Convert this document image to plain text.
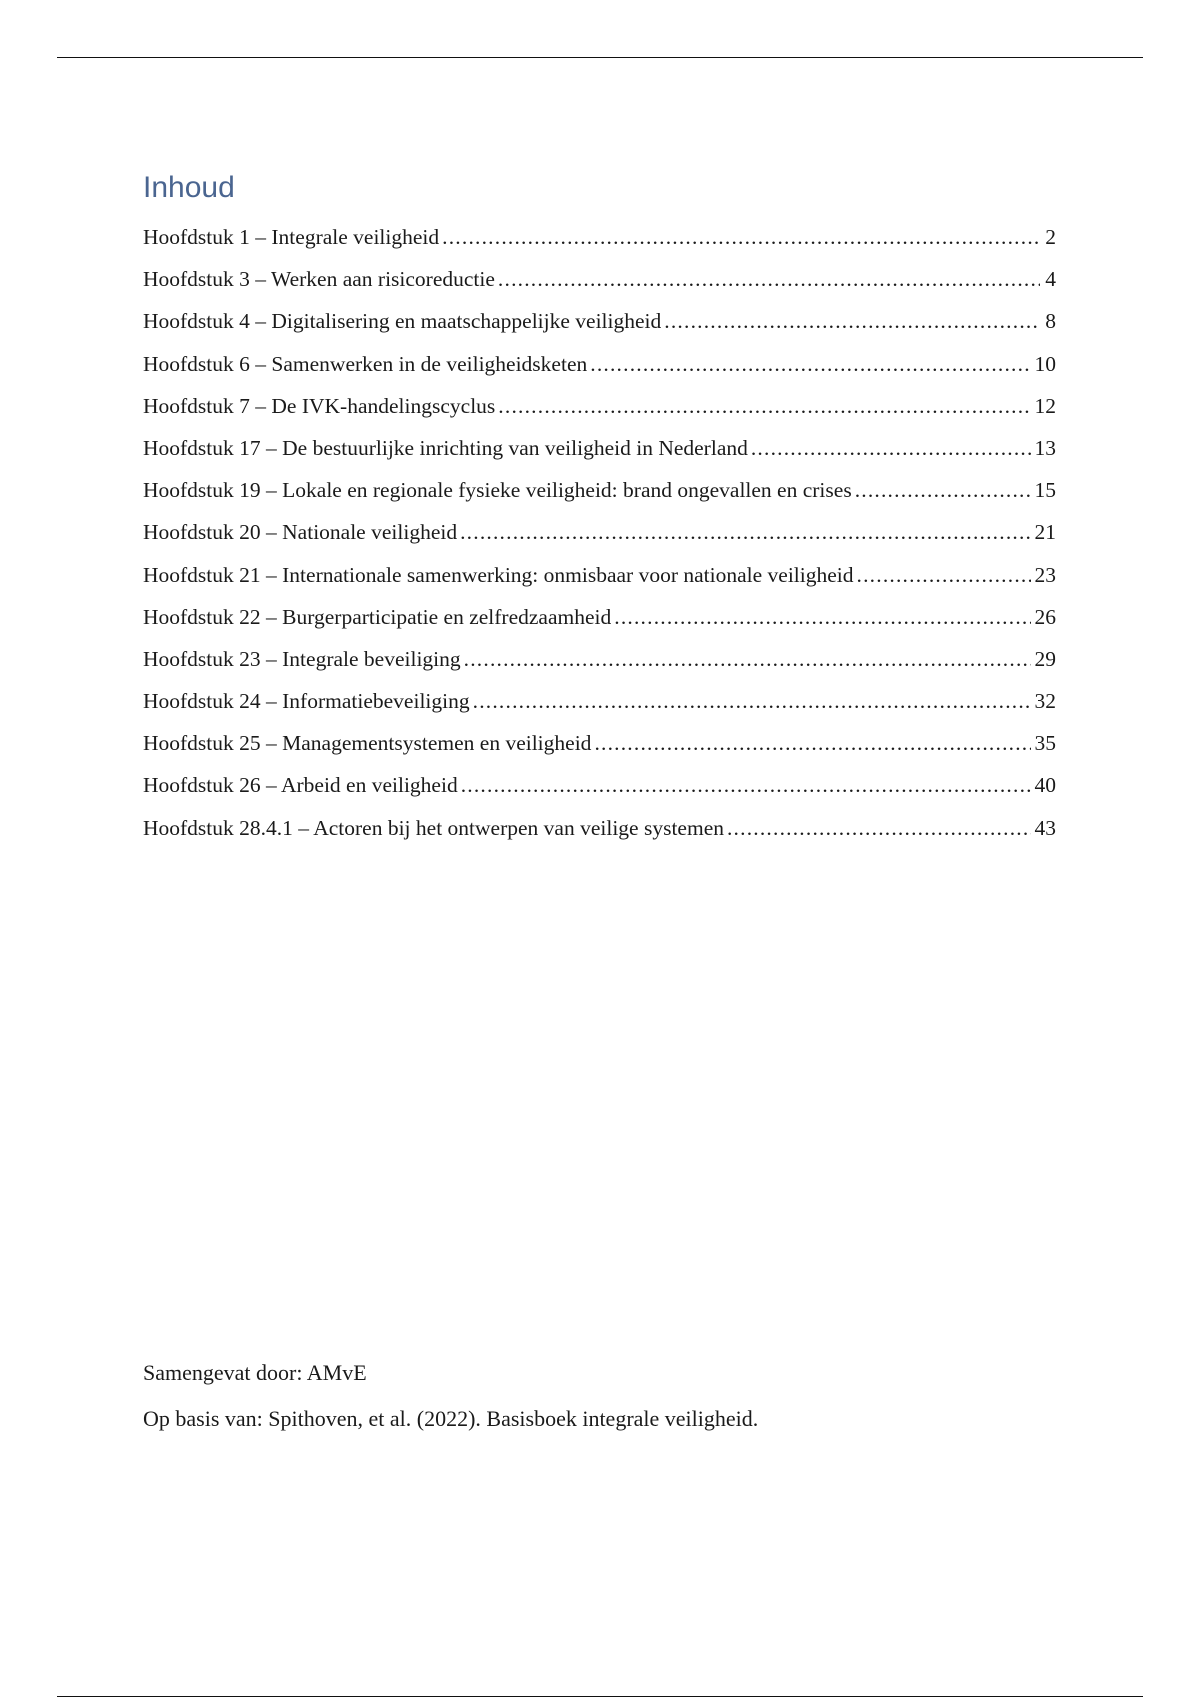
Inhoud
Hoofdstuk 1 – Integrale veiligheid .....	2
Hoofdstuk 3 – Werken aan risicoreductie .....	4
Hoofdstuk 4 – Digitalisering en maatschappelijke veiligheid .....	8
Hoofdstuk 6 – Samenwerken in de veiligheidsketen .....	10
Hoofdstuk 7 – De IVK-handelingscyclus .....	12
Hoofdstuk 17 – De bestuurlijke inrichting van veiligheid in Nederland .....	13
Hoofdstuk 19 – Lokale en regionale fysieke veiligheid: brand ongevallen en crises .....	15
Hoofdstuk 20 – Nationale veiligheid .....	21
Hoofdstuk 21 – Internationale samenwerking: onmisbaar voor nationale veiligheid .....	23
Hoofdstuk 22 – Burgerparticipatie en zelfredzaamheid .....	26
Hoofdstuk 23 – Integrale beveiliging .....	29
Hoofdstuk 24 – Informatiebeveiliging .....	32
Hoofdstuk 25 – Managementsystemen en veiligheid .....	35
Hoofdstuk 26 – Arbeid en veiligheid .....	40
Hoofdstuk 28.4.1 – Actoren bij het ontwerpen van veilige systemen .....	43

Samengevat door: AMvE

Op basis van: Spithoven, et al. (2022). Basisboek integrale veiligheid.
